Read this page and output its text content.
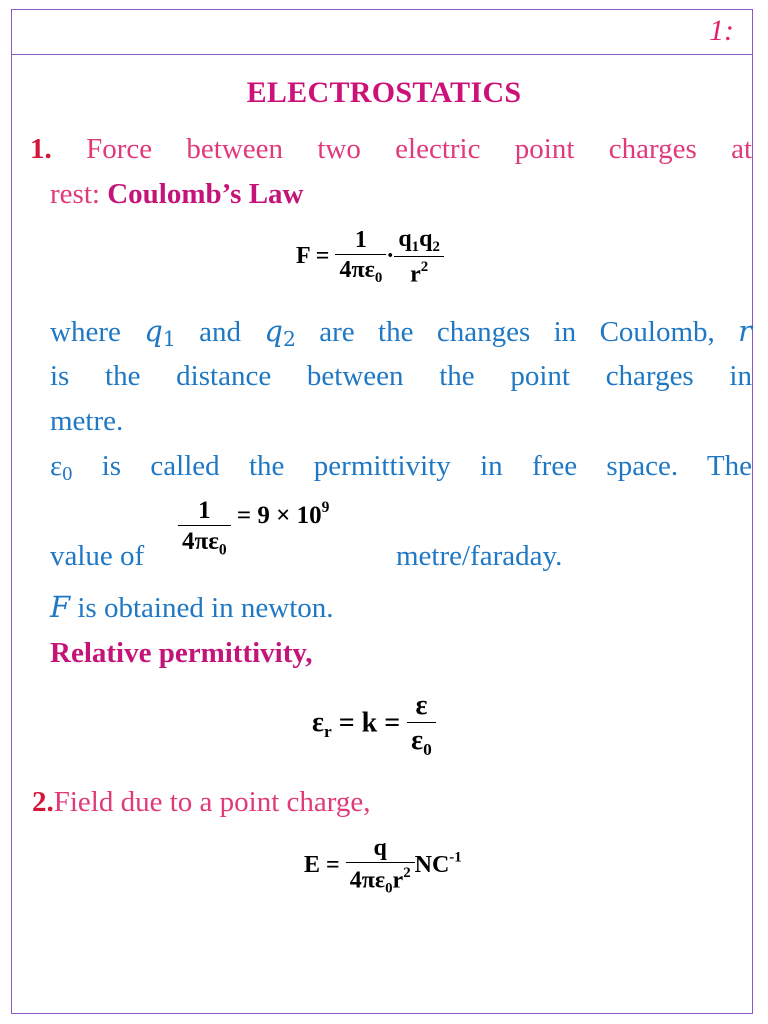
1:
ELECTROSTATICS
1. Force between two electric point charges at
rest: Coulomb’s Law
$F = \frac{1}{4\pi\varepsilon_0} \cdot \frac{q_1q_2}{r^2}$
where $q_1$ and $q_2$ are the changes in Coulomb, r
is the distance between the point charges in
metre.
$\varepsilon_0$ is called the permittivity in free space. The
$\frac{1}{4\pi\varepsilon_0} = 9 \times 10^9$
value of	metre/faraday.
F is obtained in newton.
Relative permittivity,
$\varepsilon_r = k = \frac{\varepsilon}{\varepsilon_0}$
2.Field due to a point charge,
$E = \frac{q}{4\pi\varepsilon_0r^2} NC^{-1}$
